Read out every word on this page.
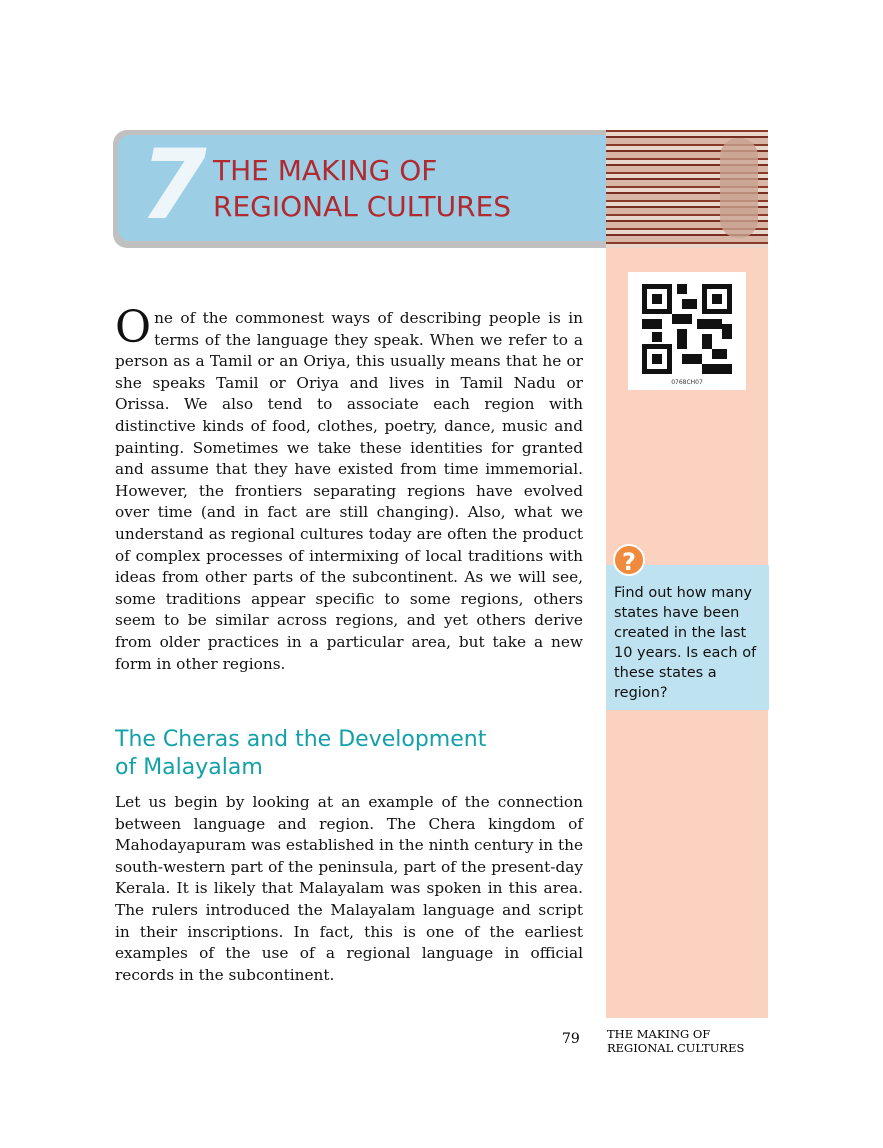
7 THE MAKING OF
REGIONAL CULTURES
0768CH07
?
Find out how many states have been created in the last 10 years. Is each of these states a region?
One of the commonest ways of describing people is in terms of the language they speak. When we refer to a person as a Tamil or an Oriya, this usually means that he or she speaks Tamil or Oriya and lives in Tamil Nadu or Orissa. We also tend to associate each region with distinctive kinds of food, clothes, poetry, dance, music and painting. Sometimes we take these identities for granted and assume that they have existed from time immemorial. However, the frontiers separating regions have evolved over time (and in fact are still changing). Also, what we understand as regional cultures today are often the product of complex processes of intermixing of local traditions with ideas from other parts of the subcontinent. As we will see, some traditions appear specific to some regions, others seem to be similar across regions, and yet others derive from older practices in a particular area, but take a new form in other regions.
The Cheras and the Development
of Malayalam
Let us begin by looking at an example of the connection between language and region. The Chera kingdom of Mahodayapuram was established in the ninth century in the south-western part of the peninsula, part of the present-day Kerala. It is likely that Malayalam was spoken in this area. The rulers introduced the Malayalam language and script in their inscriptions. In fact, this is one of the earliest examples of the use of a regional language in official records in the subcontinent.
79 THE MAKING OF
REGIONAL CULTURES
